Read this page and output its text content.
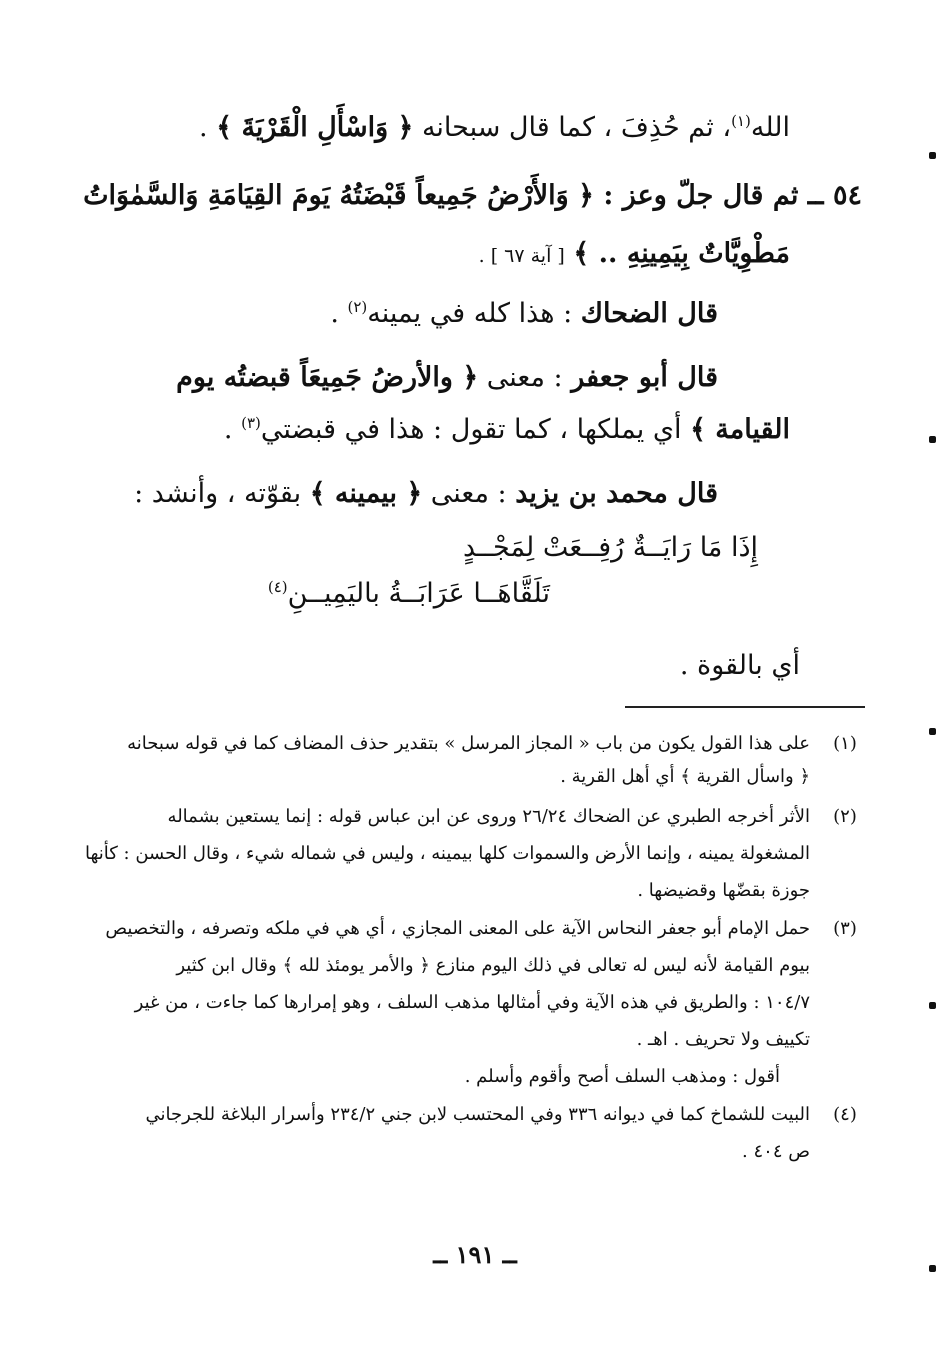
الله$^{(١)}$، ثم حُذِفَ ، كما قال سبحانه ﴿ وَاسْأَلِ الْقَرْيَةَ ﴾ .
٥٤ ــ ثم قال جلّ وعز : ﴿ وَالأَرْضُ جَمِيعاً قَبْضَتُهُ يَومَ القِيَامَةِ وَالسَّمٰوَاتُ
مَطْوِيَّاتٌ بِيَمِينِهِ .. ﴾ [ آية ٦٧ ] .
قال الضحاك : هذا كله في يمينه$^{(٢)}$ .
قال أبو جعفر : معنى ﴿ والأرضُ جَمِيعَاً قبضتُه يوم
القيامة ﴾ أي يملكها ، كما تقول : هذا في قبضتي$^{(٣)}$ .
قال محمد بن يزيد : معنى ﴿ بيمينه ﴾ بقوّته ، وأنشد :
إِذَا مَا رَايَــةٌ رُفِــعَتْ لِمَجْــدٍ
تَلَقَّاهَــا عَرَابَــةُ باليَمِيــنِ$^{(٤)}$
أي بالقوة .
(١)
على هذا القول يكون من باب « المجاز المرسل » بتقدير حذف المضاف كما في قوله سبحانه
﴿ واسأل القرية ﴾ أي أهل القرية .
(٢)
الأثر أخرجه الطبري عن الضحاك ٢٦/٢٤ وروى عن ابن عباس قوله : إنما يستعين بشماله
المشغولة يمينه ، وإنما الأرض والسموات كلها بيمينه ، وليس في شماله شيء ، وقال الحسن : كأنها
جوزة بقضّها وقضيضها .
(٣)
حمل الإمام أبو جعفر النحاس الآية على المعنى المجازي ، أي هي في ملكه وتصرفه ، والتخصيص
بيوم القيامة لأنه ليس له تعالى في ذلك اليوم منازع ﴿ والأمر يومئذ لله ﴾ وقال ابن كثير
١٠٤/٧ : والطريق في هذه الآية وفي أمثالها مذهب السلف ، وهو إمرارها كما جاءت ، من غير
تكييف ولا تحريف . اهـ .
أقول : ومذهب السلف أصح وأقوم وأسلم .
(٤)
البيت للشماخ كما في ديوانه ٣٣٦ وفي المحتسب لابن جني ٢٣٤/٢ وأسرار البلاغة للجرجاني
ص ٤٠٤ .
ــ ١٩١ ــ
